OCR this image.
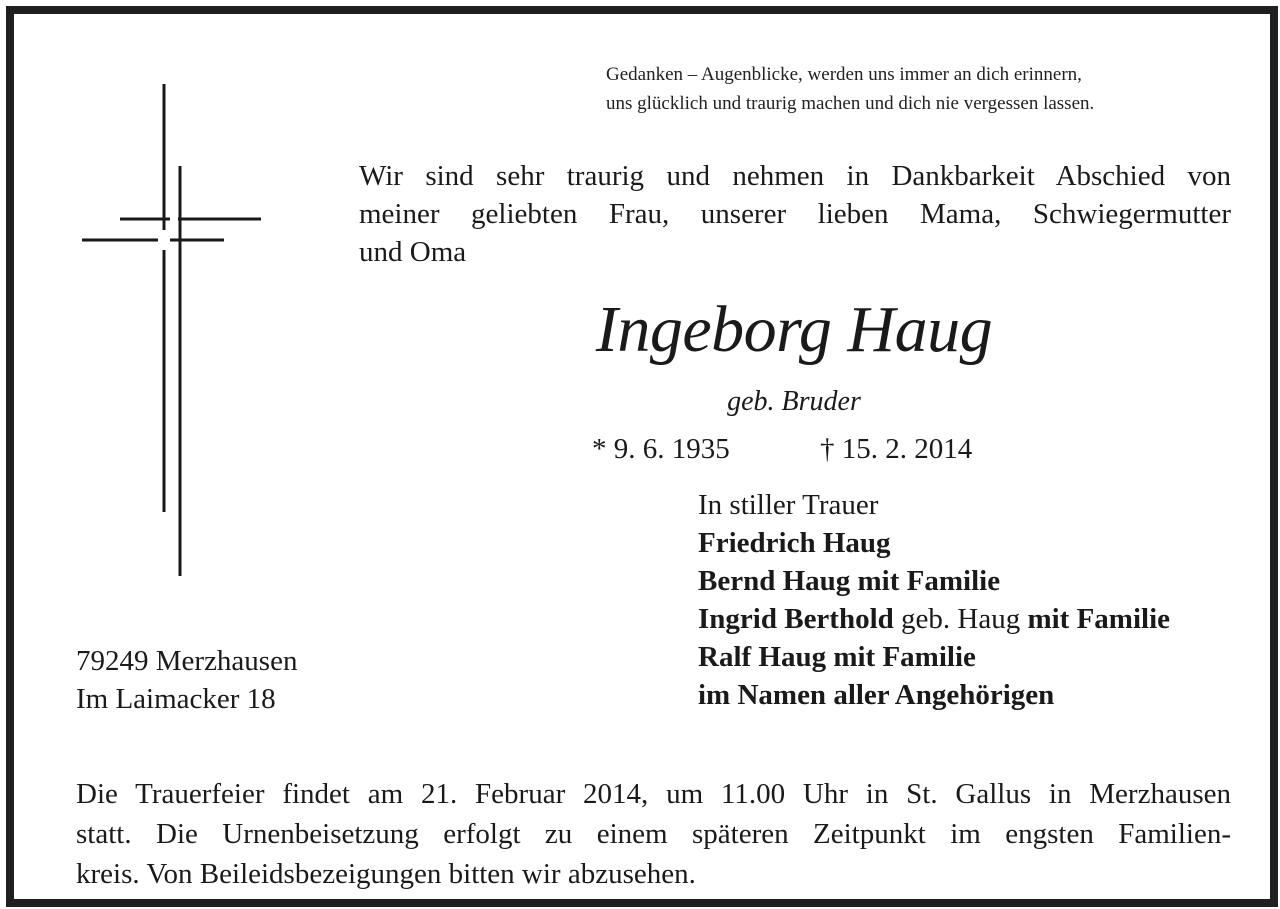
Gedanken – Augenblicke, werden uns immer an dich erinnern,
uns glücklich und traurig machen und dich nie vergessen lassen.
Wir sind sehr traurig und nehmen in Dankbarkeit Abschied von
meiner geliebten Frau, unserer lieben Mama, Schwiegermutter
und Oma
Ingeborg Haug
geb. Bruder
* 9. 6. 1935	† 15. 2. 2014
In stiller Trauer
Friedrich Haug
Bernd Haug mit Familie
Ingrid Berthold geb. Haug mit Familie
Ralf Haug mit Familie
im Namen aller Angehörigen
79249 Merzhausen
Im Laimacker 18
Die Trauerfeier findet am 21. Februar 2014, um 11.00 Uhr in St. Gallus in Merzhausen
statt. Die Urnenbeisetzung erfolgt zu einem späteren Zeitpunkt im engsten Familien-
kreis. Von Beileidsbezeigungen bitten wir abzusehen.
